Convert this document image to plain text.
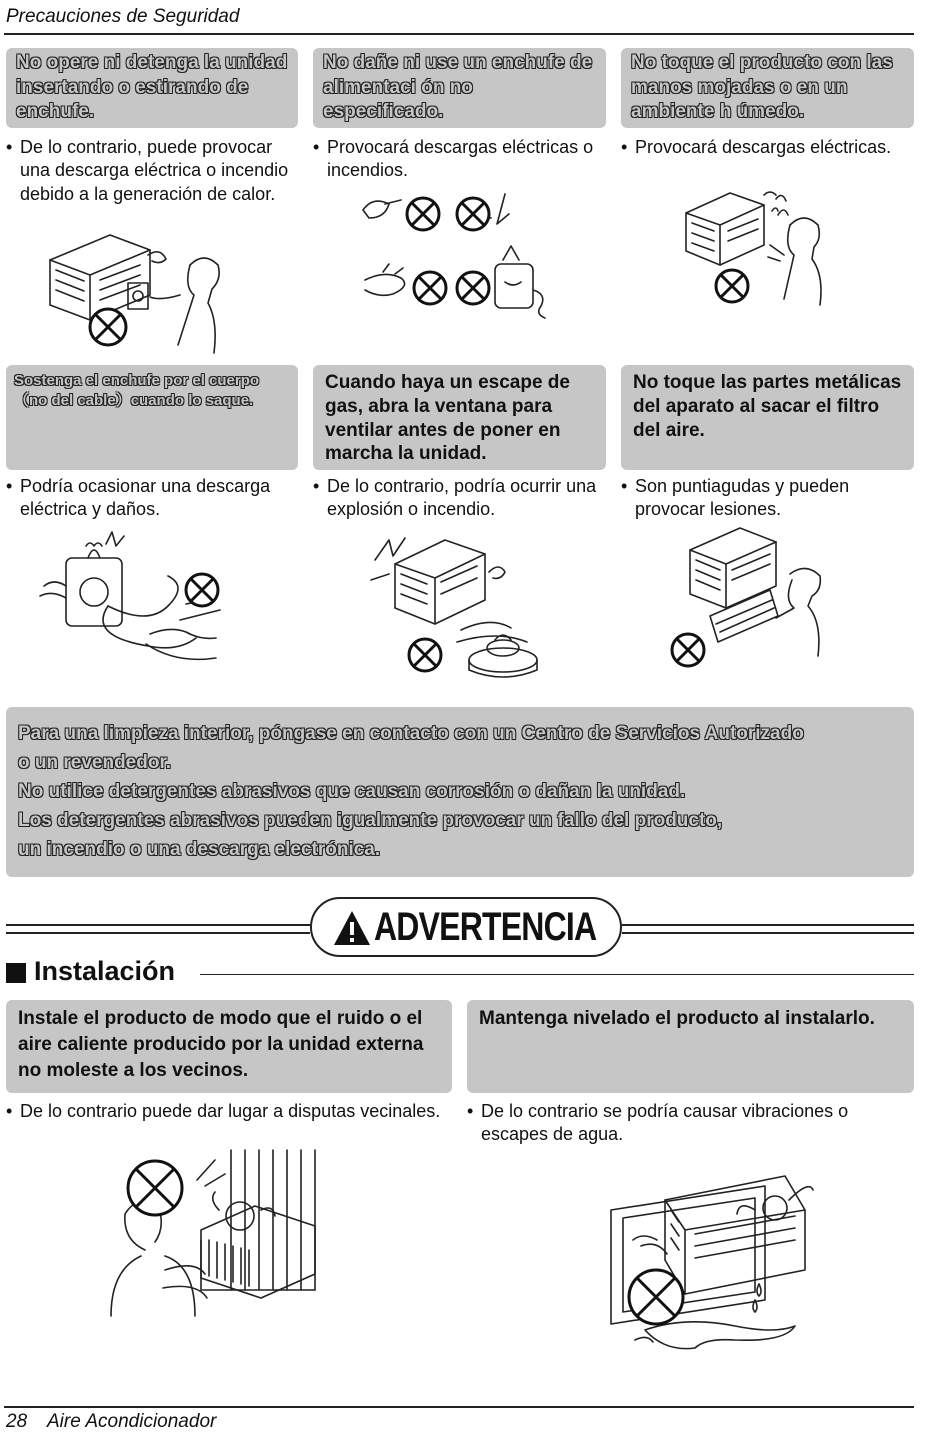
Precauciones de Seguridad
No opere ni detenga la unidad insertando o estirando de enchufe.
No dañe ni use un enchufe de alimentaci ón no especificado.
No toque el producto con las manos mojadas o en un ambiente h úmedo.
• De lo contrario, puede provocar una descarga eléctrica o incendio debido a la generación de calor.
• Provocará descargas eléctricas o incendios.
• Provocará descargas eléctricas.
Sostenga el enchufe por el cuerpo（no del cable）cuando lo saque.
Cuando haya un escape de gas, abra la ventana para ventilar antes de poner en marcha la unidad.
No toque las partes metálicas del aparato al sacar el filtro del aire.
• Podría ocasionar una descarga eléctrica y daños.
• De lo contrario, podría ocurrir una explosión o incendio.
• Son puntiagudas y pueden provocar lesiones.
Para una limpieza interior, póngase en contacto con un Centro de Servicios Autorizado
o un revendedor.
No utilice detergentes abrasivos que causan corrosión o dañan la unidad.
Los detergentes abrasivos pueden igualmente provocar un fallo del producto,
un incendio o una descarga electrónica.
ADVERTENCIA
Instalación
Instale el producto de modo que el ruido o el aire caliente producido por la unidad externa no moleste a los vecinos.
Mantenga nivelado el producto al instalarlo.
• De lo contrario puede dar lugar a disputas vecinales.	• De lo contrario se podría causar vibraciones o escapes de agua.
28 Aire Acondicionador
